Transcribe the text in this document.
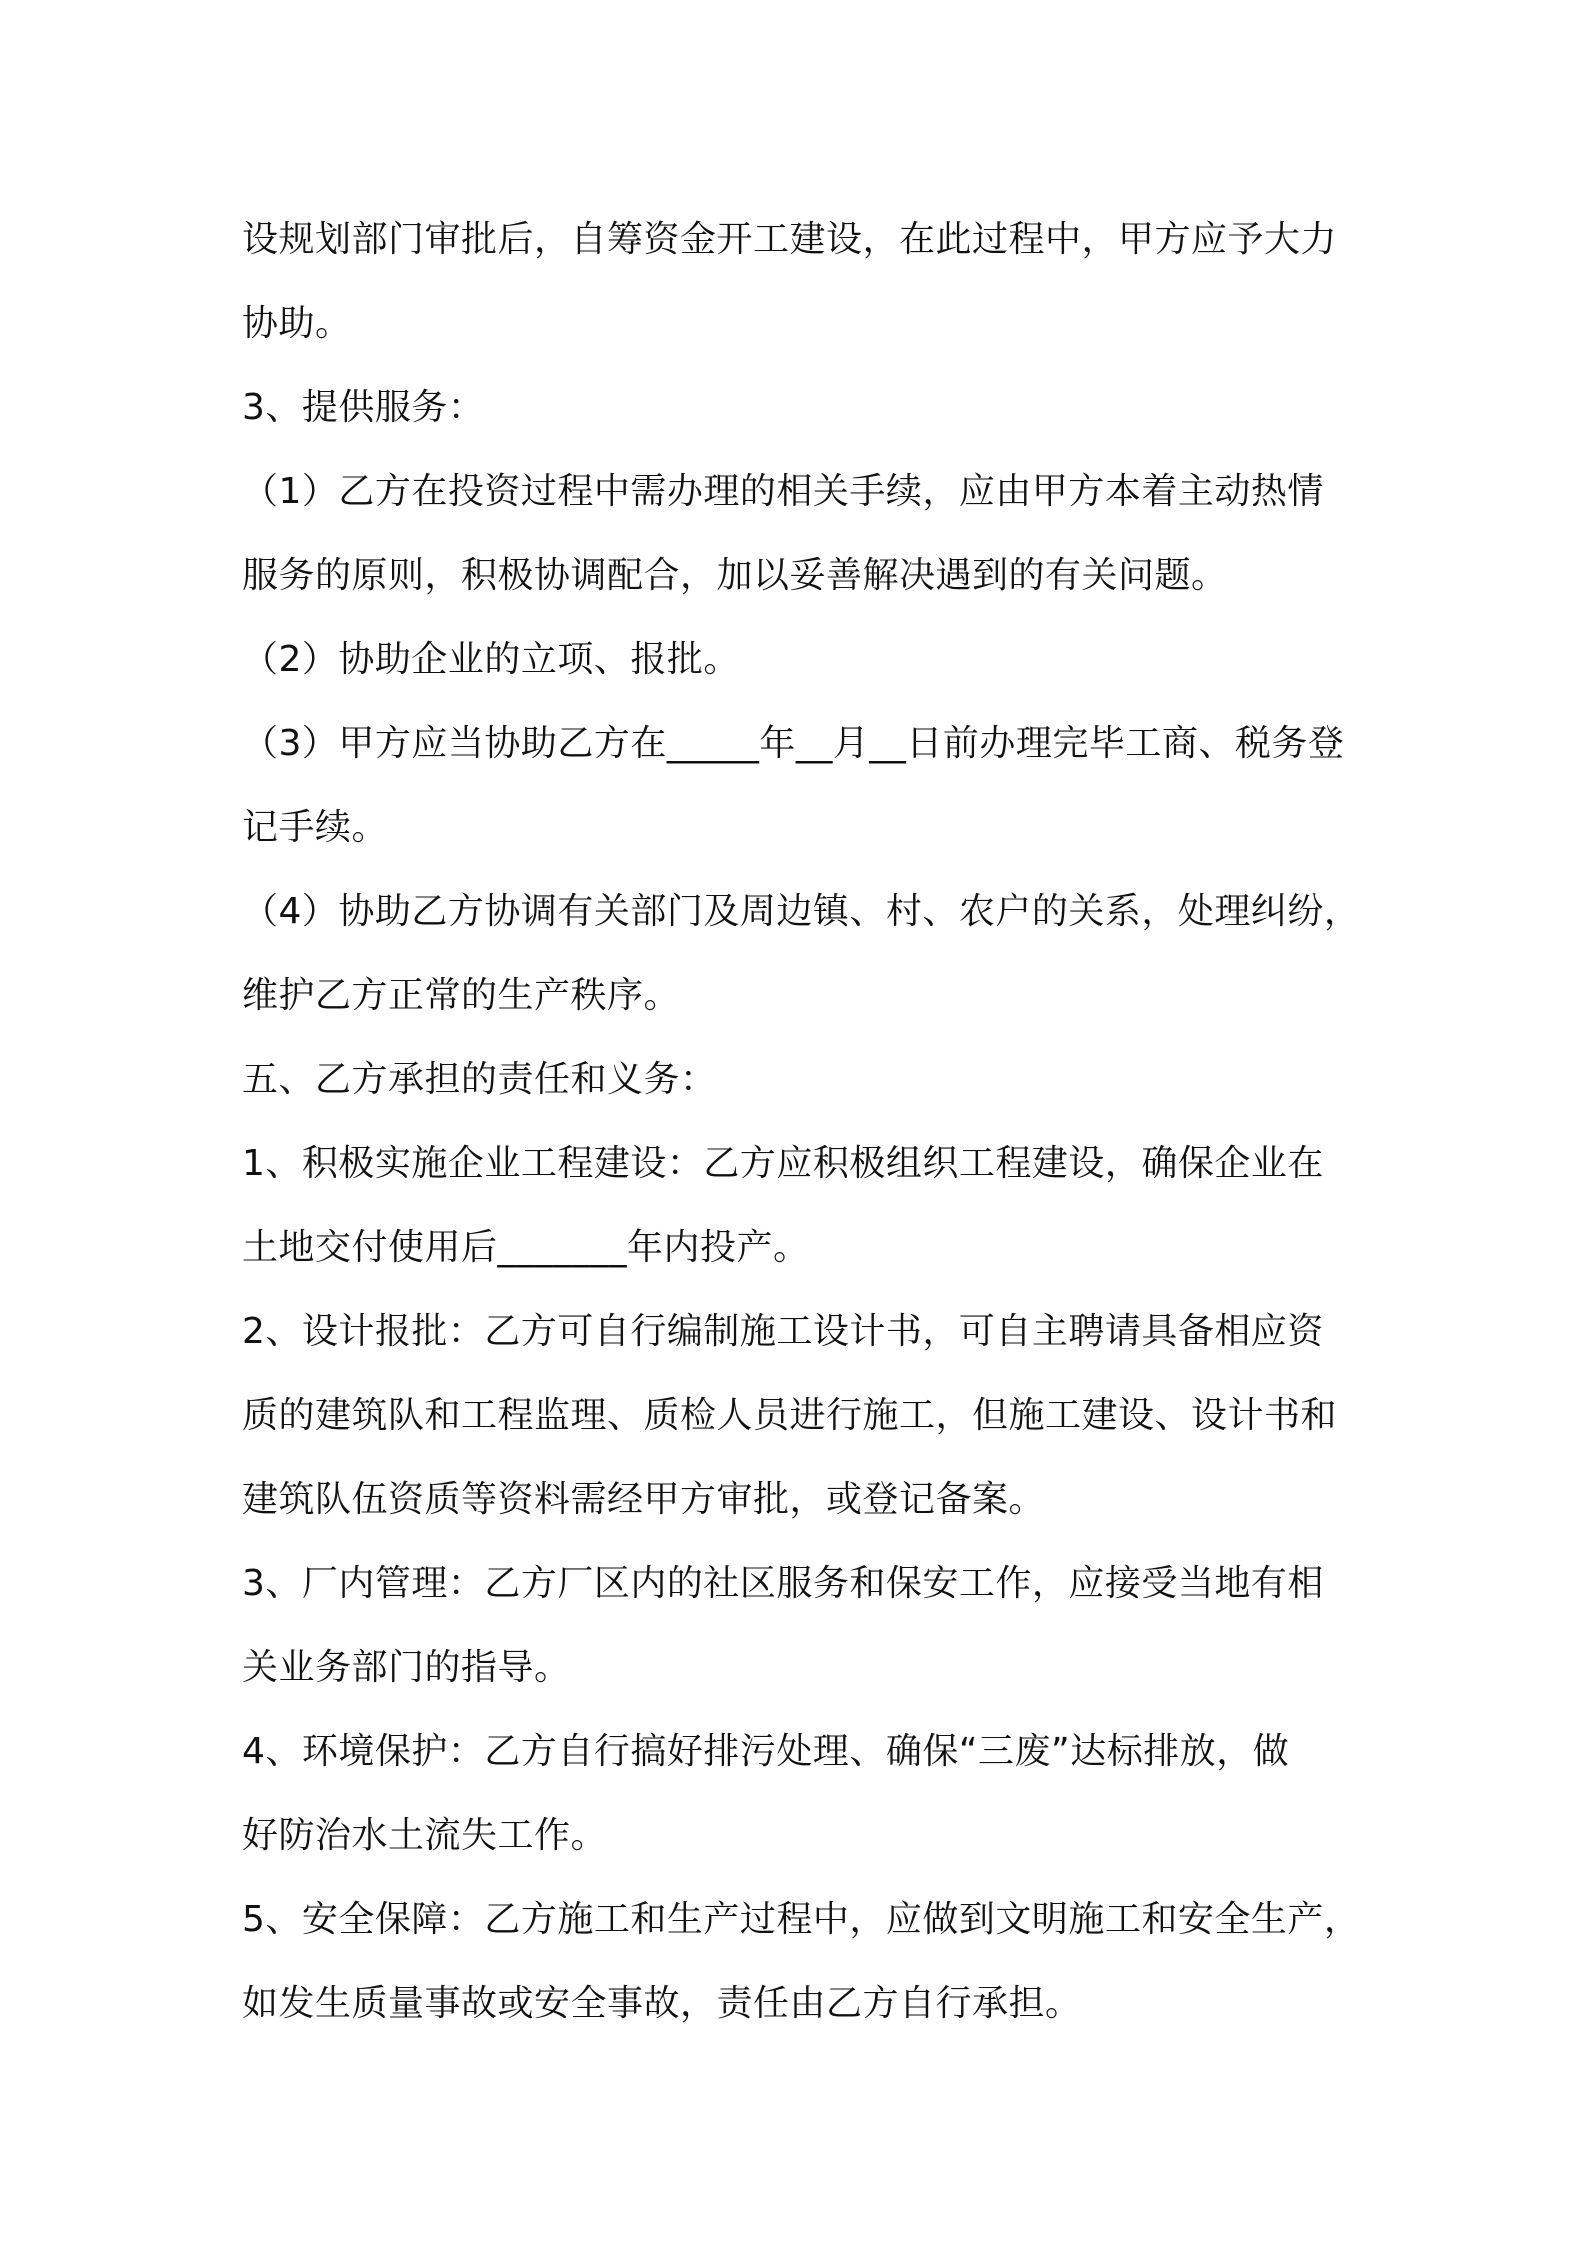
设规划部门审批后，自筹资金开工建设，在此过程中，甲方应予大力
协助。
3、提供服务：
（1）乙方在投资过程中需办理的相关手续，应由甲方本着主动热情
服务的原则，积极协调配合，加以妥善解决遇到的有关问题。
（2）协助企业的立项、报批。
（3）甲方应当协助乙方在_____年__月__日前办理完毕工商、税务登
记手续。
（4）协助乙方协调有关部门及周边镇、村、农户的关系，处理纠纷，
维护乙方正常的生产秩序。
五、乙方承担的责任和义务：
1、积极实施企业工程建设：乙方应积极组织工程建设，确保企业在
土地交付使用后_______年内投产。
2、设计报批：乙方可自行编制施工设计书，可自主聘请具备相应资
质的建筑队和工程监理、质检人员进行施工，但施工建设、设计书和
建筑队伍资质等资料需经甲方审批，或登记备案。
3、厂内管理：乙方厂区内的社区服务和保安工作，应接受当地有相
关业务部门的指导。
4、环境保护：乙方自行搞好排污处理、确保“三废”达标排放，做
好防治水土流失工作。
5、安全保障：乙方施工和生产过程中，应做到文明施工和安全生产，
如发生质量事故或安全事故，责任由乙方自行承担。
